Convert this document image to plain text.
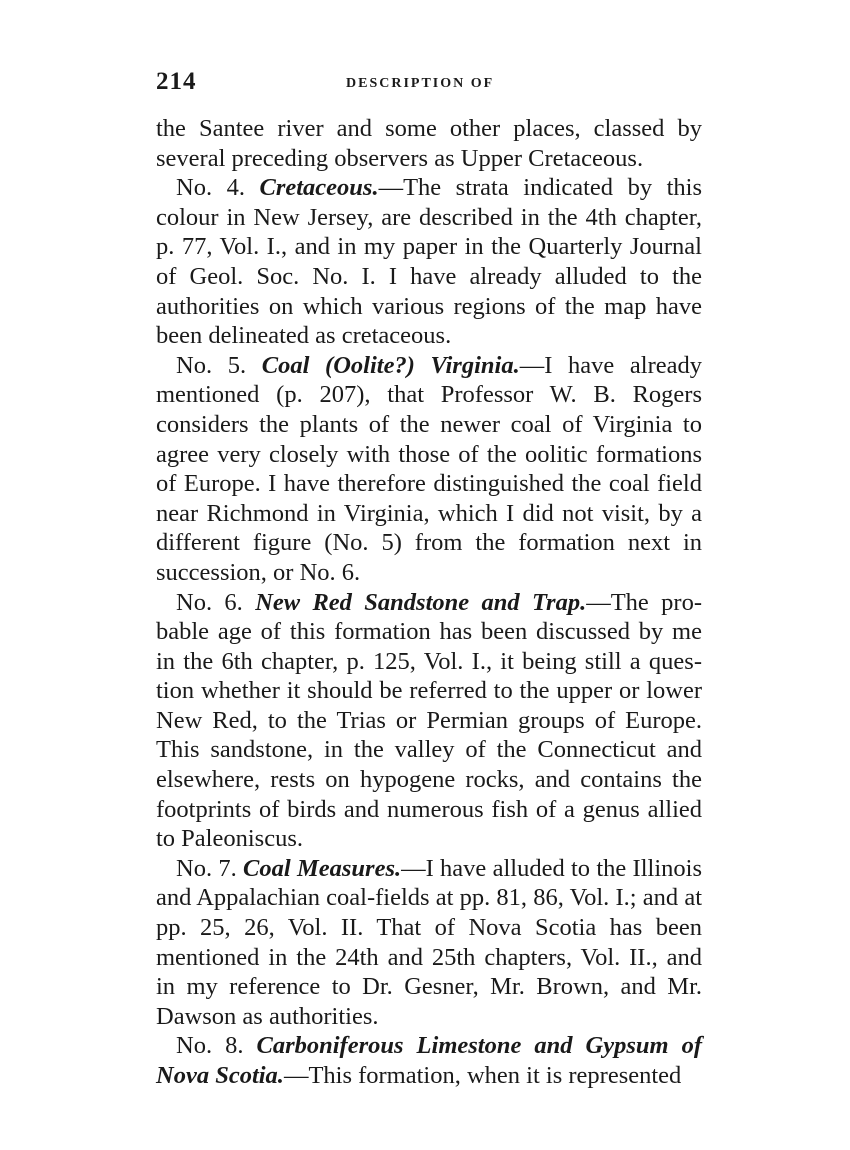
214	DESCRIPTION OF

the Santee river and some other places, classed by several preceding observers as Upper Cretaceous.

No. 4. Cretaceous.—The strata indicated by this colour in New Jersey, are described in the 4th chapter, p. 77, Vol. I., and in my paper in the Quarterly Journal of Geol. Soc. No. I. I have already alluded to the authorities on which various regions of the map have been delineated as cretaceous.

No. 5. Coal (Oolite?) Virginia.—I have already mentioned (p. 207), that Professor W. B. Rogers considers the plants of the newer coal of Virginia to agree very closely with those of the oolitic formations of Europe. I have therefore distinguished the coal field near Richmond in Virginia, which I did not visit, by a different figure (No. 5) from the formation next in succession, or No. 6.

No. 6. New Red Sandstone and Trap.—The probable age of this formation has been discussed by me in the 6th chapter, p. 125, Vol. I., it being still a question whether it should be referred to the upper or lower New Red, to the Trias or Permian groups of Europe. This sandstone, in the valley of the Connecticut and elsewhere, rests on hypogene rocks, and contains the footprints of birds and numerous fish of a genus allied to Paleoniscus.

No. 7. Coal Measures.—I have alluded to the Illinois and Appalachian coal-fields at pp. 81, 86, Vol. I.; and at pp. 25, 26, Vol. II. That of Nova Scotia has been mentioned in the 24th and 25th chapters, Vol. II., and in my reference to Dr. Gesner, Mr. Brown, and Mr. Dawson as authorities.

No. 8. Carboniferous Limestone and Gypsum of Nova Scotia.—This formation, when it is represented
